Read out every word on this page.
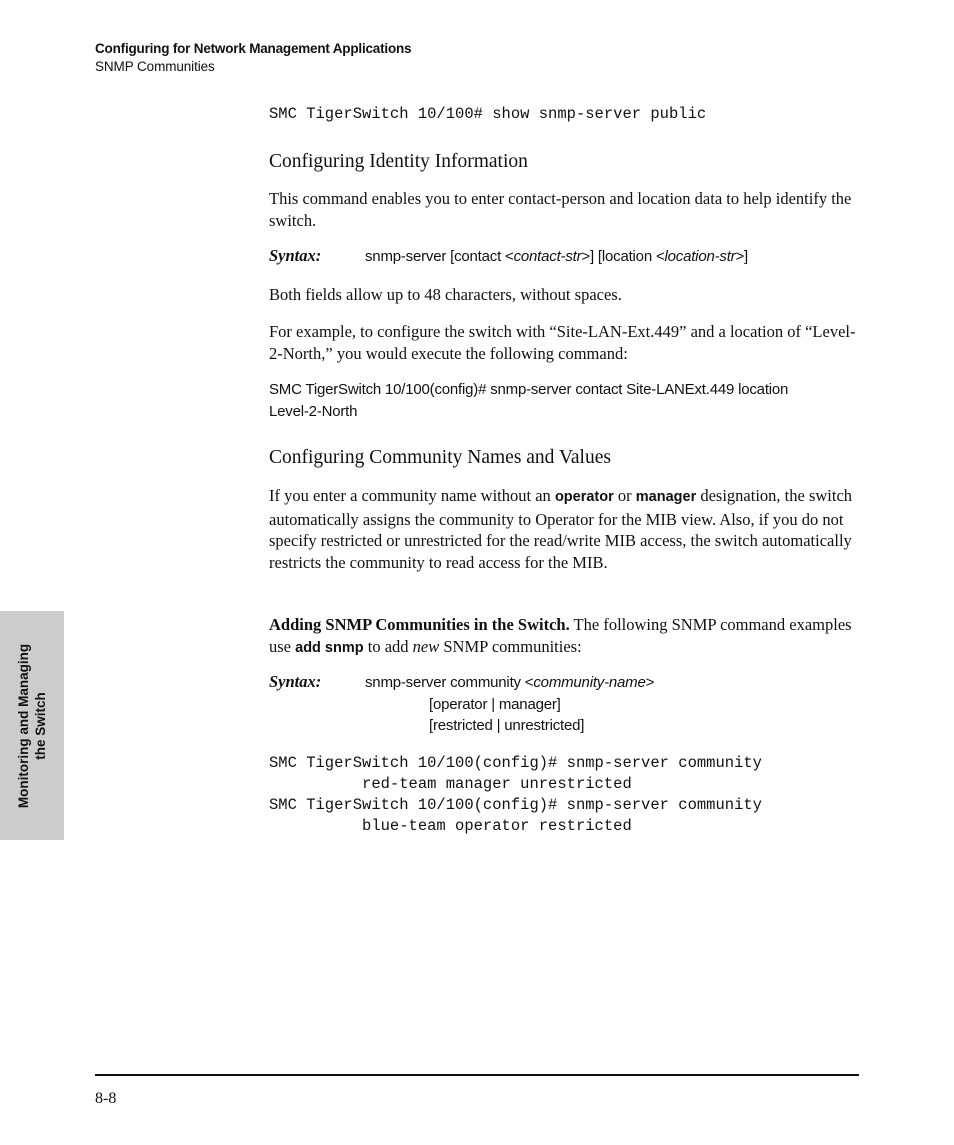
Configuring for Network Management Applications
SNMP Communities
Monitoring and Managing the Switch
SMC TigerSwitch 10/100# show snmp-server public
Configuring Identity Information
This command enables you to enter contact-person and location data to help identify the switch.
Syntax:	snmp-server [contact <contact-str>] [location <location-str>]
Both fields allow up to 48 characters, without spaces.
For example, to configure the switch with “Site-LAN-Ext.449” and a location of “Level-2-North,” you would execute the following command:
SMC TigerSwitch 10/100(config)# snmp-server contact Site-LANExt.449 location
Level-2-North
Configuring Community Names and Values
If you enter a community name without an operator or manager designation, the switch automatically assigns the community to Operator for the MIB view. Also, if you do not specify restricted or unrestricted for the read/write MIB access, the switch automatically restricts the community to read access for the MIB.
Adding SNMP Communities in the Switch. The following SNMP command examples use add snmp to add new SNMP communities:
Syntax:	snmp-server community <community-name>
[operator | manager]
[restricted | unrestricted]
SMC TigerSwitch 10/100(config)# snmp-server community
red-team manager unrestricted
SMC TigerSwitch 10/100(config)# snmp-server community
blue-team operator restricted
8-8
